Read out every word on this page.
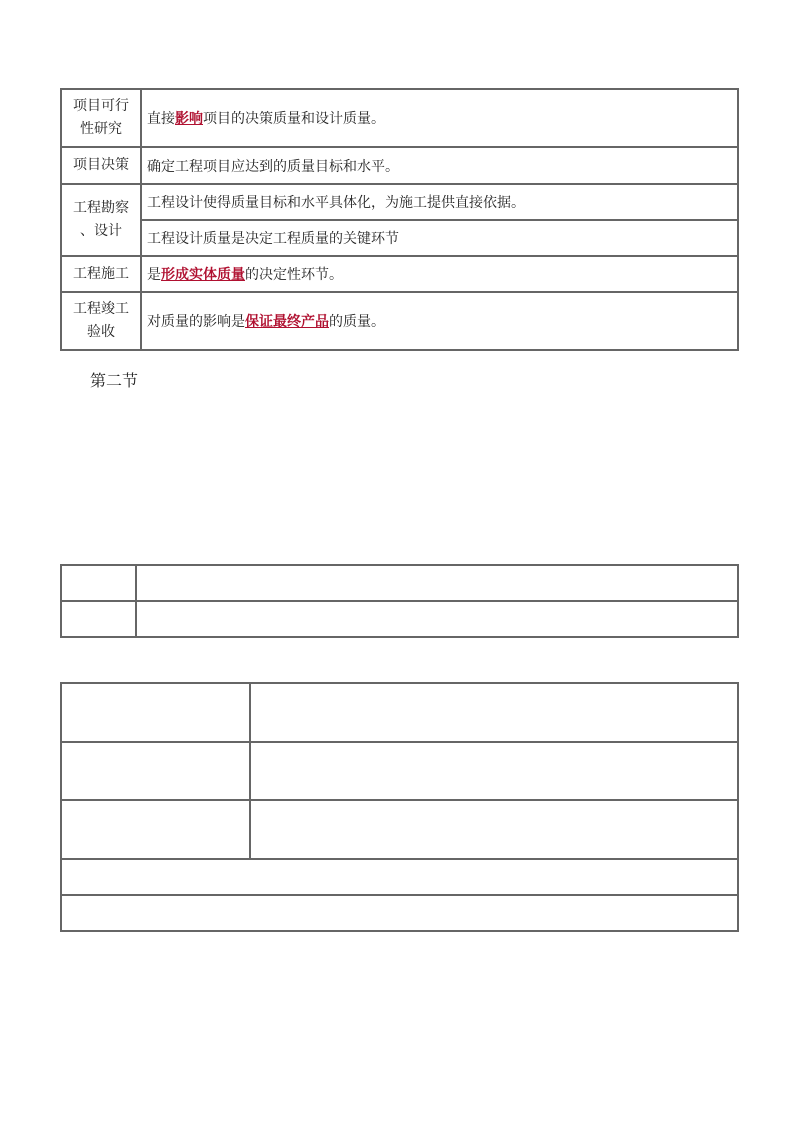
项目可行
性研究	直接影响项目的决策质量和设计质量。
项目决策	确定工程项目应达到的质量目标和水平。

工程勘察
、设计	工程设计使得质量目标和水平具体化，为施工提供直接依据。
	工程设计质量是决定工程质量的关键环节
工程施工	是形成实体质量的决定性环节。

工程竣工
验收	对质量的影响是保证最终产品的质量。
第二节
